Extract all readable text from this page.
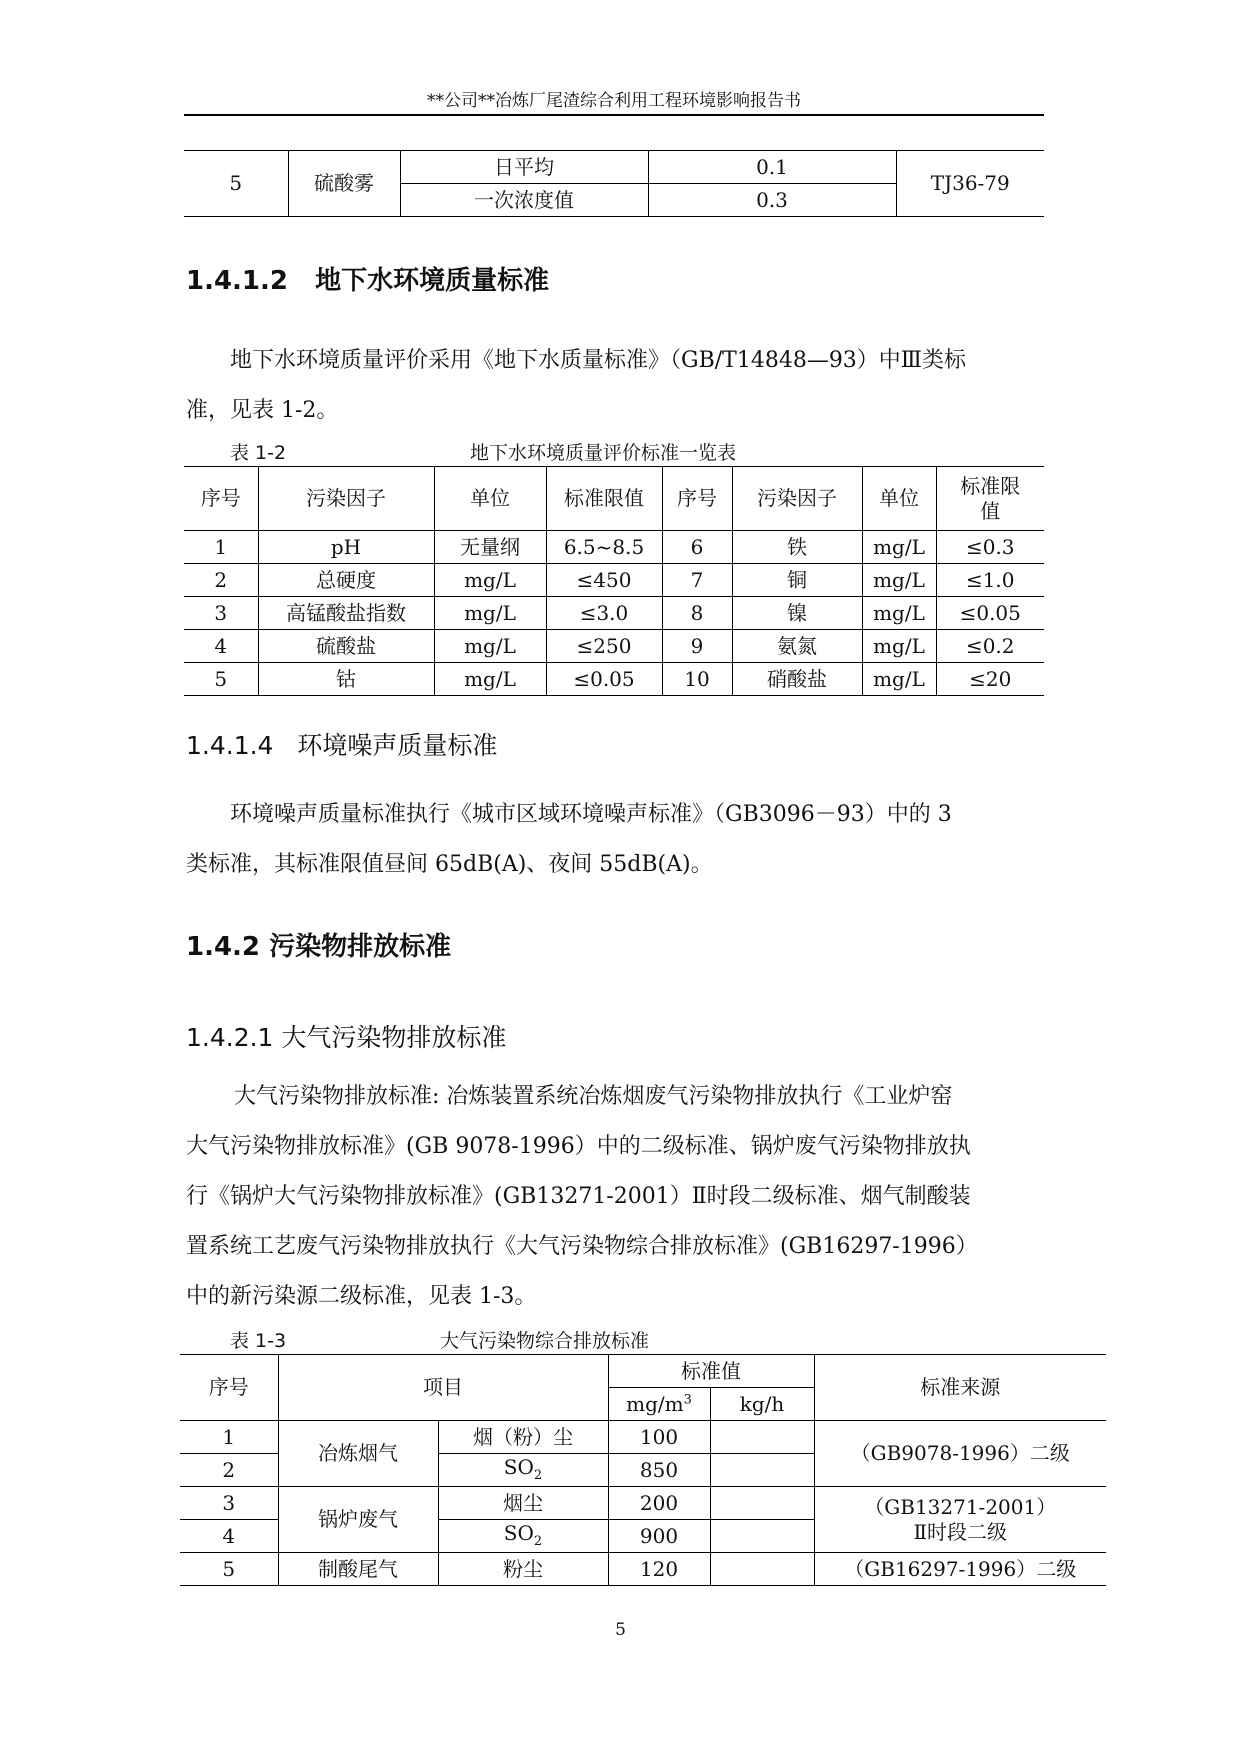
**公司**冶炼厂尾渣综合利用工程环境影响报告书
5	硫酸雾	日平均	0.1	TJ36-79
		一次浓度值	0.3	
1.4.1.2 地下水环境质量标准
地下水环境质量评价采用《地下水质量标准》（GB/T14848—93）中Ⅲ类标
准，见表 1-2。
表 1-2	地下水环境质量评价标准一览表
序号	污染因子	单位	标准限值	序号	污染因子	单位	标准限
值

1	pH	无量纲	6.5~8.5	6	铁	mg/L	≤0.3
2	总硬度	mg/L	≤450	7	铜	mg/L	≤1.0
3	高锰酸盐指数	mg/L	≤3.0	8	镍	mg/L	≤0.05
4	硫酸盐	mg/L	≤250	9	氨氮	mg/L	≤0.2
5	钴	mg/L	≤0.05	10	硝酸盐	mg/L	≤20
1.4.1.4 环境噪声质量标准
环境噪声质量标准执行《城市区域环境噪声标准》（GB3096－93）中的 3
类标准，其标准限值昼间 65dB(A)、夜间 55dB(A)。
1.4.2 污染物排放标准
1.4.2.1 大气污染物排放标准
大气污染物排放标准: 冶炼装置系统冶炼烟废气污染物排放执行《工业炉窑
大气污染物排放标准》(GB 9078-1996）中的二级标准、锅炉废气污染物排放执
行《锅炉大气污染物排放标准》(GB13271-2001）Ⅱ时段二级标准、烟气制酸装
置系统工艺废气污染物排放执行《大气污染物综合排放标准》(GB16297-1996）
中的新污染源二级标准，见表 1-3。
表 1-3	大气污染物综合排放标准
序号	项目		标准值		标准来源
			$mg/m^3$	kg/h	
1	冶炼烟气	烟（粉）尘	100		（GB9078-1996）二级
2		$SO_2$	850		
3	锅炉废气	烟尘	200		（GB13271-2001）
Ⅱ时段二级

4		$SO_2$	900		
5	制酸尾气	粉尘	120		（GB16297-1996）二级
5
